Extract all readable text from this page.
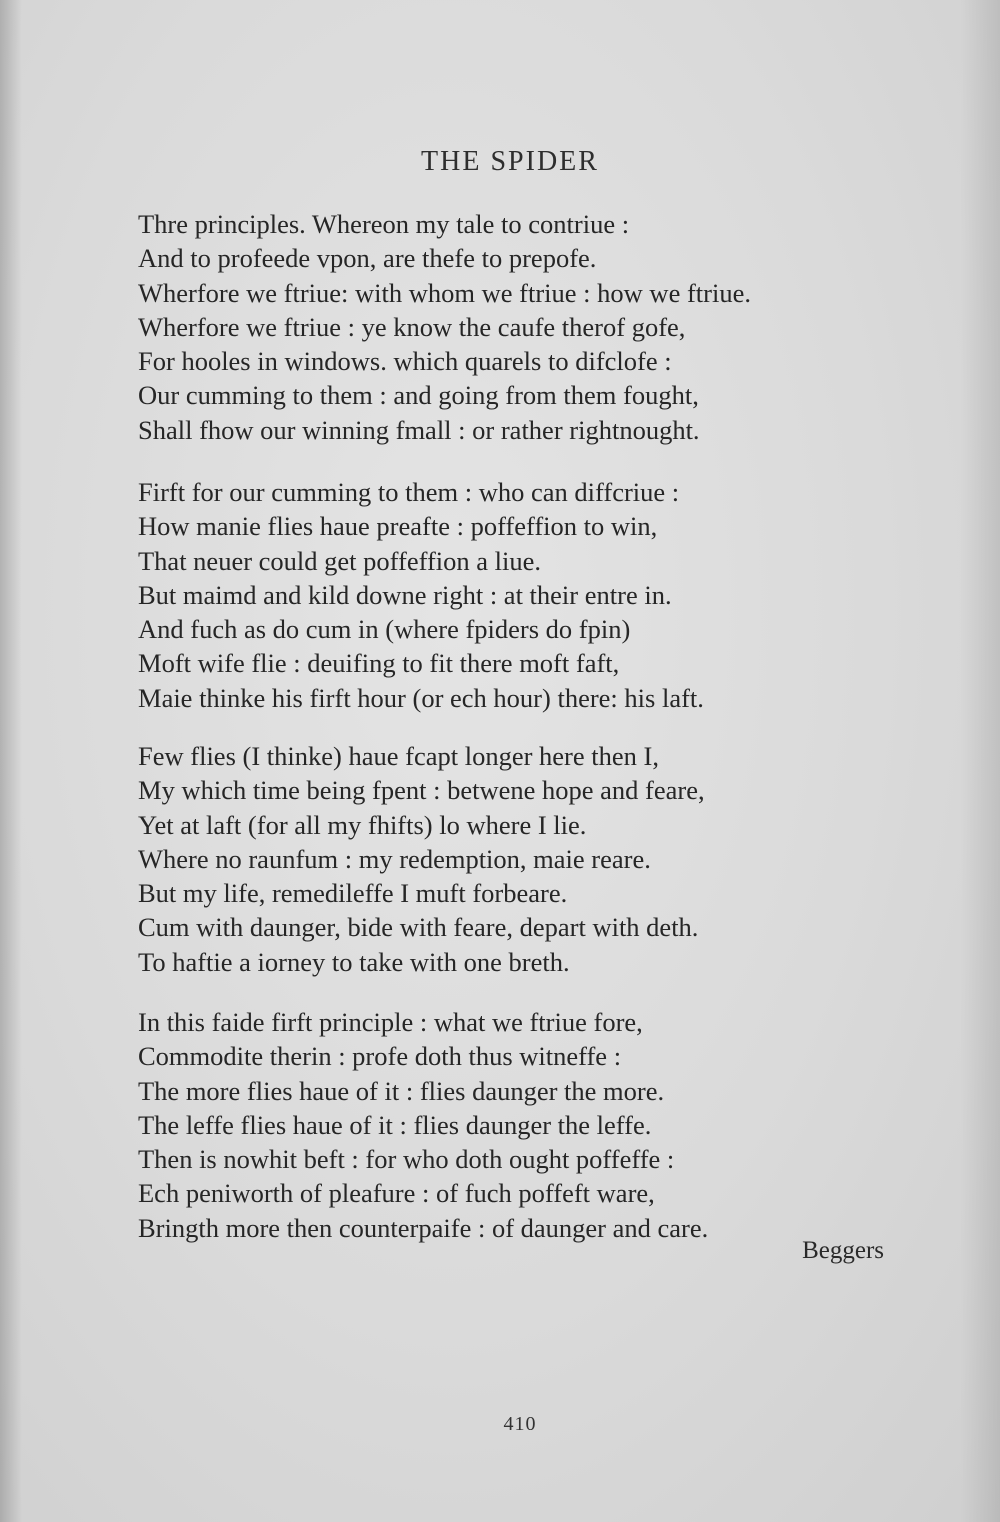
THE SPIDER
Thre principles. Whereon my tale to contriue :
And to profeede vpon, are thefe to prepofe.
Wherfore we ftriue: with whom we ftriue : how we ftriue.
Wherfore we ftriue : ye know the caufe therof gofe,
For hooles in windows. which quarels to difclofe :
Our cumming to them : and going from them fought,
Shall fhow our winning fmall : or rather rightnought.
Firft for our cumming to them : who can diffcriue :
How manie flies haue preafte : poffeffion to win,
That neuer could get poffeffion a liue.
But maimd and kild downe right : at their entre in.
And fuch as do cum in (where fpiders do fpin)
Moft wife flie : deuifing to fit there moft faft,
Maie thinke his firft hour (or ech hour) there: his laft.
Few flies (I thinke) haue fcapt longer here then I,
My which time being fpent : betwene hope and feare,
Yet at laft (for all my fhifts) lo where I lie.
Where no raunfum : my redemption, maie reare.
But my life, remedileffe I muft forbeare.
Cum with daunger, bide with feare, depart with deth.
To haftie a iorney to take with one breth.
In this faide firft principle : what we ftriue fore,
Commodite therin : profe doth thus witneffe :
The more flies haue of it : flies daunger the more.
The leffe flies haue of it : flies daunger the leffe.
Then is nowhit beft : for who doth ought poffeffe :
Ech peniworth of pleafure : of fuch poffeft ware,
Bringth more then counterpaife : of daunger and care.
Beggers
410
